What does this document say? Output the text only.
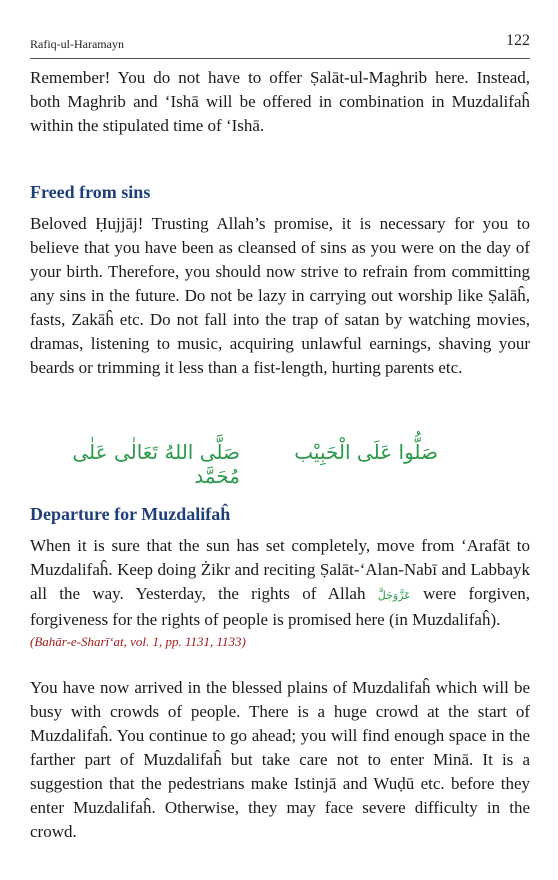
Rafiq-ul-Haramayn	122

Remember! You do not have to offer Ṣalāt-ul-Maghrib here. Instead, both Maghrib and ‘Ishā will be offered in combination in Muzdalifaĥ within the stipulated time of ‘Ishā.

Freed from sins

Beloved Ḥujjāj! Trusting Allah’s promise, it is necessary for you to believe that you have been as cleansed of sins as you were on the day of your birth. Therefore, you should now strive to refrain from committing any sins in the future. Do not be lazy in carrying out worship like Ṣalāĥ, fasts, Zakāĥ etc. Do not fall into the trap of satan by watching movies, dramas, listening to music, acquiring unlawful earnings, shaving your beards or trimming it less than a fist-length, hurting parents etc.

صَلُّوا عَلَى الْحَبِيْب
صَلَّى اللهُ تَعَالٰى عَلٰى مُحَمَّد
Departure for Muzdalifaĥ

When it is sure that the sun has set completely, move from ‘Arafāt to Muzdalifaĥ. Keep doing Żikr and reciting Ṣalāt-‘Alan-Nabī and Labbayk all the way. Yesterday, the rights of Allah عَزَّوَجَلَّ were forgiven, forgiveness for the rights of people is promised here (in Muzdalifaĥ).

(Bahār-e-Sharī‘at, vol. 1, pp. 1131, 1133)

You have now arrived in the blessed plains of Muzdalifaĥ which will be busy with crowds of people. There is a huge crowd at the start of Muzdalifaĥ. You continue to go ahead; you will find enough space in the farther part of Muzdalifaĥ but take care not to enter Minā. It is a suggestion that the pedestrians make Istinjā and Wuḍū etc. before they enter Muzdalifaĥ. Otherwise, they may face severe difficulty in the crowd.
